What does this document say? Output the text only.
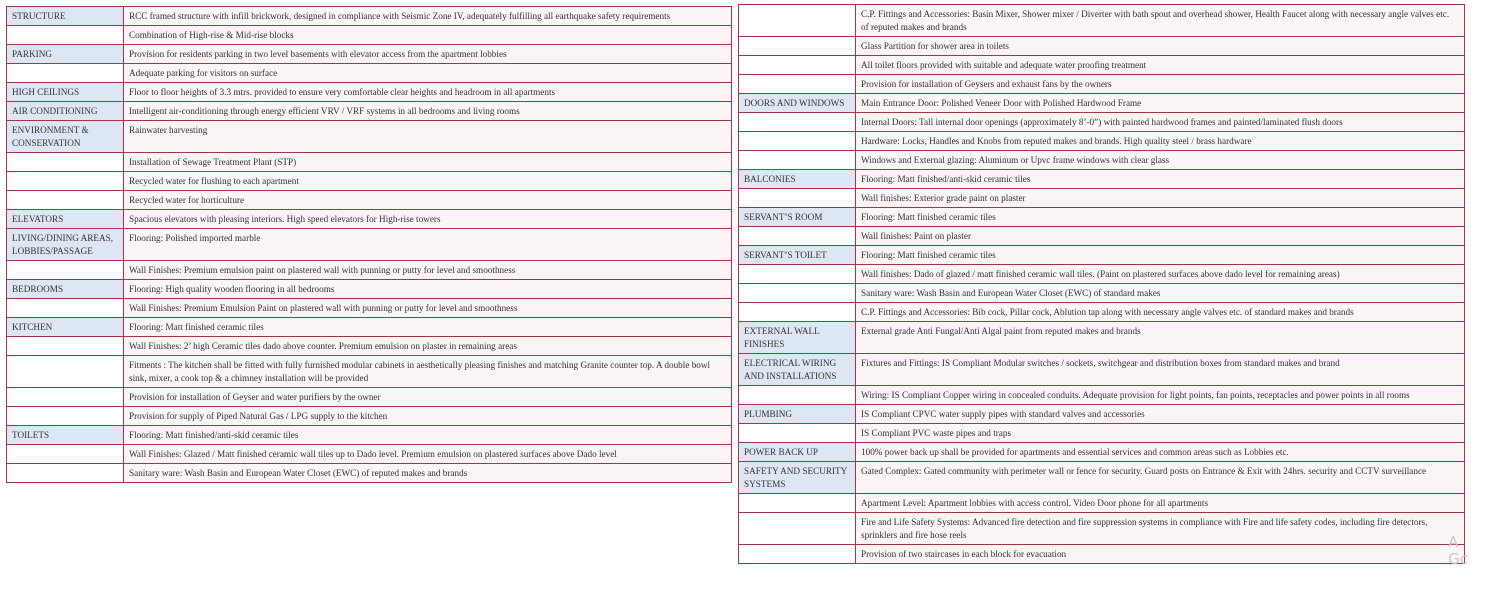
STRUCTURE	RCC framed structure with infill brickwork, designed in compliance with Seismic Zone IV, adequately fulfilling all earthquake safety requirements
	Combination of High-rise & Mid-rise blocks
PARKING	Provision for residents parking in two level basements with elevator access from the apartment lobbies
	Adequate parking for visitors on surface
HIGH CEILINGS	Floor to floor heights of 3.3 mtrs. provided to ensure very comfortable clear heights and headroom in all apartments
AIR CONDITIONING	Intelligent air-conditioning through energy efficient VRV / VRF systems in all bedrooms and living rooms
ENVIRONMENT & CONSERVATION	Rainwater harvesting
	Installation of Sewage Treatment Plant (STP)
	Recycled water for flushing to each apartment
	Recycled water for horticulture
ELEVATORS	Spacious elevators with pleasing interiors. High speed elevators for High-rise towers
LIVING/DINING AREAS, LOBBIES/PASSAGE	Flooring: Polished imported marble
	Wall Finishes: Premium emulsion paint on plastered wall with punning or putty for level and smoothness
BEDROOMS	Flooring: High quality wooden flooring in all bedrooms
	Wall Finishes: Premium Emulsion Paint on plastered wall with punning or putty for level and smoothness
KITCHEN	Flooring: Matt finished ceramic tiles
	Wall Finishes: 2’ high Ceramic tiles dado above counter. Premium emulsion on plaster in remaining areas
	Fitments : The kitchen shall be fitted with fully furnished modular cabinets in aesthetically pleasing finishes and matching Granite counter top. A double bowl sink, mixer, a cook top & a chimney installation will be provided
	Provision for installation of Geyser and water purifiers by the owner
	Provision for supply of Piped Natural Gas / LPG supply to the kitchen
TOILETS	Flooring: Matt finished/anti-skid ceramic tiles
	Wall Finishes: Glazed / Matt finished ceramic wall tiles up to Dado level. Premium emulsion on plastered surfaces above Dado level
	Sanitary ware: Wash Basin and European Water Closet (EWC) of reputed makes and brands
	C.P. Fittings and Accessories: Basin Mixer, Shower mixer / Diverter with bath spout and overhead shower, Health Faucet along with necessary angle valves etc. of reputed makes and brands
	Glass Partition for shower area in toilets
	All toilet floors provided with suitable and adequate water proofing treatment
	Provision for installation of Geysers and exhaust fans by the owners
DOORS AND WINDOWS	Main Entrance Door: Polished Veneer Door with Polished Hardwood Frame
	Internal Doors: Tall internal door openings (approximately 8’-0”) with painted hardwood frames and painted/laminated flush doors
	Hardware: Locks, Handles and Knobs from reputed makes and brands. High quality steel / brass hardware
	Windows and External glazing: Aluminum or Upvc frame windows with clear glass
BALCONIES	Flooring: Matt finished/anti-skid ceramic tiles
	Wall finishes: Exterior grade paint on plaster
SERVANT’S ROOM	Flooring: Matt finished ceramic tiles
	Wall finishes: Paint on plaster
SERVANT’S TOILET	Flooring: Matt finished ceramic tiles
	Wall finishes: Dado of glazed / matt finished ceramic wall tiles. (Paint on plastered surfaces above dado level for remaining areas)
	Sanitary ware: Wash Basin and European Water Closet (EWC) of standard makes
	C.P. Fittings and Accessories: Bib cock, Pillar cock, Ablution tap along with necessary angle valves etc. of standard makes and brands
EXTERNAL WALL FINISHES	External grade Anti Fungal/Anti Algal paint from reputed makes and brands
ELECTRICAL WIRING AND INSTALLATIONS	Fixtures and Fittings: IS Compliant Modular switches / sockets, switchgear and distribution boxes from standard makes and brand
	Wiring: IS Compliant Copper wiring in concealed conduits. Adequate provision for light points, fan points, receptacles and power points in all rooms
PLUMBING	IS Compliant CPVC water supply pipes with standard valves and accessories
	IS Compliant PVC waste pipes and traps
POWER BACK UP	100% power back up shall be provided for apartments and essential services and common areas such as Lobbies etc.
SAFETY AND SECURITY SYSTEMS	Gated Complex: Gated community with perimeter wall or fence for security. Guard posts on Entrance & Exit with 24hrs. security and CCTV surveillance
	Apartment Level: Apartment lobbies with access control. Video Door phone for all apartments
	Fire and Life Safety Systems: Advanced fire detection and fire suppression systems in compliance with Fire and life safety codes, including fire detectors, sprinklers and fire hose reels
	Provision of two staircases in each block for evacuation
A
Gc
